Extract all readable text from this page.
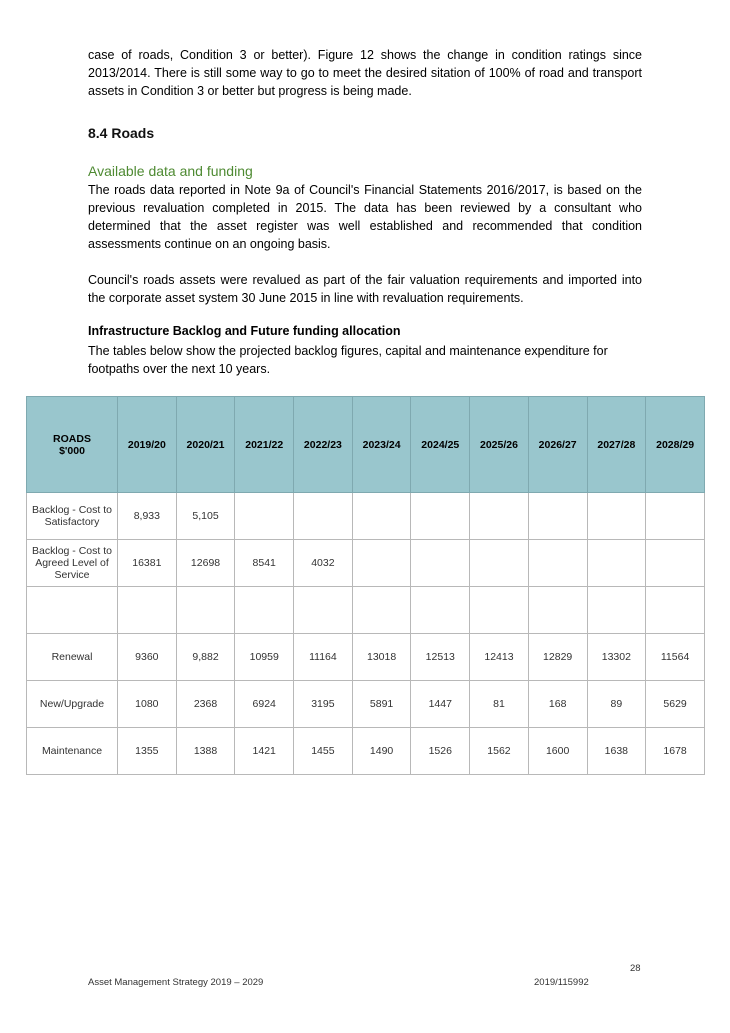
case of roads, Condition 3 or better). Figure 12 shows the change in condition ratings since 2013/2014. There is still some way to go to meet the desired sitation of 100% of road and transport assets in Condition 3 or better but progress is being made.

8.4 Roads
Available data and funding

The roads data reported in Note 9a of Council's Financial Statements 2016/2017, is based on the previous revaluation completed in 2015. The data has been reviewed by a consultant who determined that the asset register was well established and recommended that condition assessments continue on an ongoing basis.

Council's roads assets were revalued as part of the fair valuation requirements and imported into the corporate asset system 30 June 2015 in line with revaluation requirements.

Infrastructure Backlog and Future funding allocation

The tables below show the projected backlog figures, capital and maintenance expenditure for footpaths over the next 10 years.

ROADS
$'000	2019/20	2020/21	2021/22	2022/23	2023/24	2024/25	2025/26	2026/27	2027/28	2028/29
Backlog - Cost to Satisfactory	8,933	5,105								
Backlog - Cost to Agreed Level of Service	16381	12698	8541	4032						

Renewal	9360	9,882	10959	11164	13018	12513	12413	12829	13302	11564
New/Upgrade	1080	2368	6924	3195	5891	1447	81	168	89	5629
Maintenance	1355	1388	1421	1455	1490	1526	1562	1600	1638	1678
28
Asset Management Strategy 2019 – 2029	2019/115992
